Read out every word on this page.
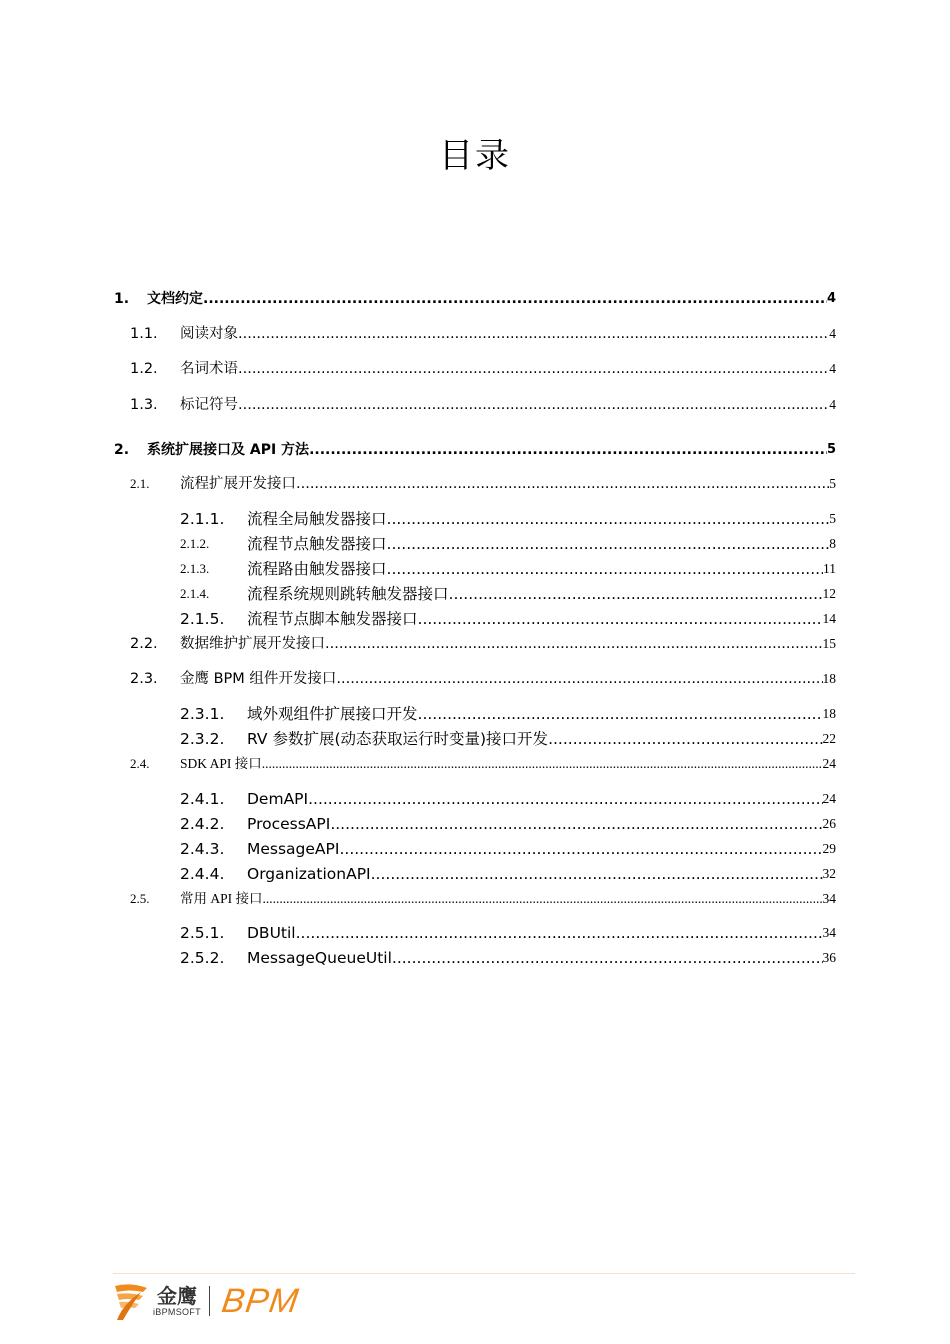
目录
1.	文档约定 .....	4
1.1.	阅读对象 .....	4
1.2.	名词术语 .....	4
1.3.	标记符号 .....	4
2.	系统扩展接口及 API 方法 .....	5
2.1.	流程扩展开发接口 .....	5
2.1.1.	流程全局触发器接口 .....	5
2.1.2.	流程节点触发器接口 .....	8
2.1.3.	流程路由触发器接口 .....	11
2.1.4.	流程系统规则跳转触发器接口 .....	12
2.1.5.	流程节点脚本触发器接口 .....	14
2.2.	数据维护扩展开发接口 .....	15
2.3.	金鹰 BPM 组件开发接口 .....	18
2.3.1.	域外观组件扩展接口开发 .....	18
2.3.2.	RV 参数扩展(动态获取运行时变量)接口开发 .....	22
2.4.	SDK API 接口 .....	24
2.4.1.	DemAPI .....	24
2.4.2.	ProcessAPI .....	26
2.4.3.	MessageAPI .....	29
2.4.4.	OrganizationAPI .....	32
2.5.	常用 API 接口 .....	34
2.5.1.	DBUtil .....	34
2.5.2.	MessageQueueUtil .....	36
金鹰
iBPMSOFT BPM
